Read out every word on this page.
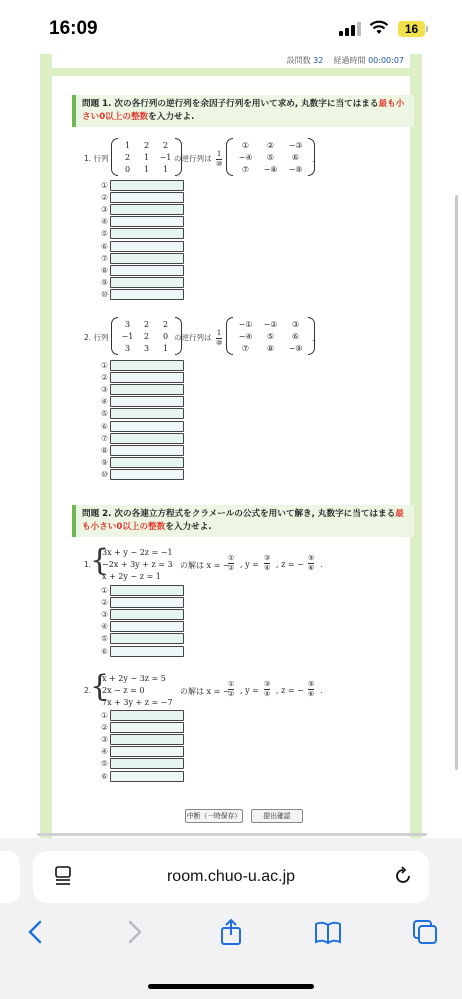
16:09	16
設問数 32 経過時間 00:00:07
問題 1. 次の各行列の逆行列を余因子行列を用いて求め, 丸数字に当てはまる最も小さい0以上の整数を入力せよ.
1. 行列
1	2	2
2	1	−1
0	1	1
の逆行列は 1
⑩
①	②	−③
−④	⑤	⑥
⑦	−⑧	−⑨
.
①
②
③
④
⑤
⑥
⑦
⑧
⑨
⑩
2. 行列
3	2	2
−1	2	0
3	3	1
の逆行列は 1
⑩
−①	−②	③
−④	⑤	⑥
⑦	⑧	−⑨
.
①
②
③
④
⑤
⑥
⑦
⑧
⑨
⑩
問題 2. 次の各連立方程式をクラメールの公式を用いて解き, 丸数字に当てはまる最も小さい0以上の整数を入力せよ.
1.
{
3x + y − 2z = −1
−2x + 3y + z = 3
x + 2y − z = 1
の解は x = −
①
② , y =
③
④ , z = −
⑤
⑥ .
①
②
③
④
⑤
⑥
2.
{
x + 2y − 3z = 5
2x − z = 0
7x + 3y + z = −7
の解は x = −
①
② , y =
③
④ , z = −
⑤
⑥ .
①
②
③
④
⑤
⑥
中断（一時保存）	提出確認
room.chuo-u.ac.jp
